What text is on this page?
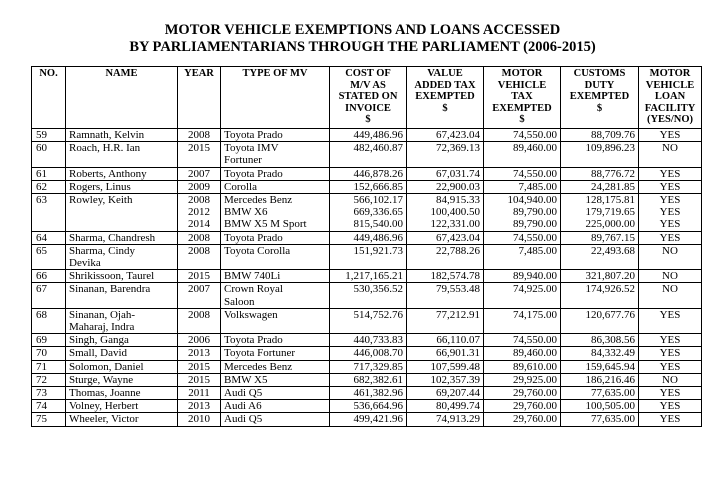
MOTOR VEHICLE EXEMPTIONS AND LOANS ACCESSED
BY PARLIAMENTARIANS THROUGH THE PARLIAMENT (2006-2015)
NO.	NAME	YEAR	TYPE OF MV	COST OF
M/V AS
STATED ON
INVOICE
$	VALUE
ADDED TAX
EXEMPTED
$	MOTOR
VEHICLE
TAX
EXEMPTED
$	CUSTOMS
DUTY
EXEMPTED
$	MOTOR
VEHICLE
LOAN
FACILITY
(YES/NO)

59	Ramnath, Kelvin	2008	Toyota Prado	449,486.96	67,423.04	74,550.00	88,709.76	YES

60	Roach, H.R. Ian	2015	Toyota IMV
Fortuner	482,460.87	72,369.13	89,460.00	109,896.23	NO

61	Roberts, Anthony	2007	Toyota Prado	446,878.26	67,031.74	74,550.00	88,776.72	YES

62	Rogers, Linus	2009	Corolla	152,666.85	22,900.03	7,485.00	24,281.85	YES

63	Rowley, Keith	2008
2012
2014	Mercedes Benz
BMW X6
BMW X5 M Sport	566,102.17
669,336.65
815,540.00	84,915.33
100,400.50
122,331.00	104,940.00
89,790.00
89,790.00	128,175.81
179,719.65
225,000.00	YES
YES
YES

64	Sharma, Chandresh	2008	Toyota Prado	449,486.96	67,423.04	74,550.00	89,767.15	YES

65	Sharma, Cindy
Devika	2008	Toyota Corolla	151,921.73	22,788.26	7,485.00	22,493.68	NO

66	Shrikissoon, Taurel	2015	BMW 740Li	1,217,165.21	182,574.78	89,940.00	321,807.20	NO

67	Sinanan, Barendra	2007	Crown Royal
Saloon	530,356.52	79,553.48	74,925.00	174,926.52	NO

68	Sinanan, Ojah-
Maharaj, Indra	2008	Volkswagen	514,752.76	77,212.91	74,175.00	120,677.76	YES

69	Singh, Ganga	2006	Toyota Prado	440,733.83	66,110.07	74,550.00	86,308.56	YES

70	Small, David	2013	Toyota Fortuner	446,008.70	66,901.31	89,460.00	84,332.49	YES

71	Solomon, Daniel	2015	Mercedes Benz	717,329.85	107,599.48	89,610.00	159,645.94	YES

72	Sturge, Wayne	2015	BMW X5	682,382.61	102,357.39	29,925.00	186,216.46	NO

73	Thomas, Joanne	2011	Audi Q5	461,382.96	69,207.44	29,760.00	77,635.00	YES

74	Volney, Herbert	2013	Audi A6	536,664.96	80,499.74	29,760.00	100,505.00	YES

75	Wheeler, Victor	2010	Audi Q5	499,421.96	74,913.29	29,760.00	77,635.00	YES
